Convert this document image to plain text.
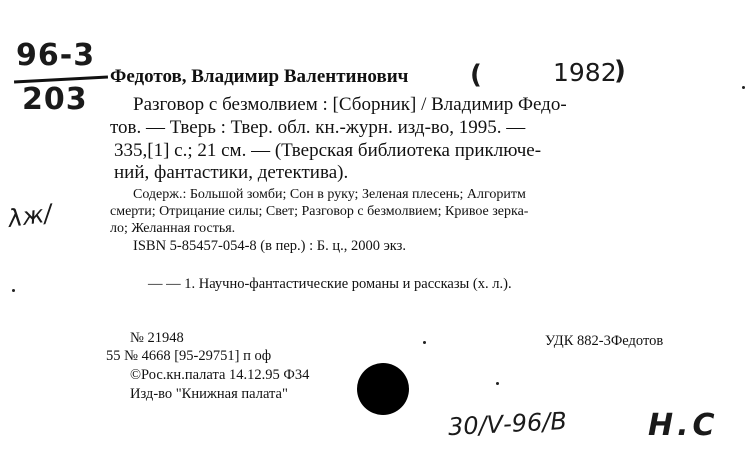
96-3
203
Федотов, Владимир Валентинович (	1982
)
Разговор с безмолвием : [Сборник] / Владимир Федо-
тов. — Тверь : Твер. обл. кн.-журн. изд-во, 1995. —
335,[1] с.; 21 см. — (Тверская библиотека приключе-
ний, фантастики, детектива).
Содерж.: Большой зомби; Сон в руку; Зеленая плесень; Алгоритм
смерти; Отрицание силы; Свет; Разговор с безмолвием; Кривое зерка-
ло; Желанная гостья.
ISBN 5-85457-054-8 (в пер.) : Б. ц., 2000 экз.
λж/
— — 1. Научно-фантастические романы и рассказы (х. л.).
№ 21948
55 № 4668 [95-29751] п оф
©Рос.кн.палата 14.12.95 Ф34
Изд-во "Книжная палата"
УДК 882-3Федотов
30/Ⅴ-96/В	Н.С
